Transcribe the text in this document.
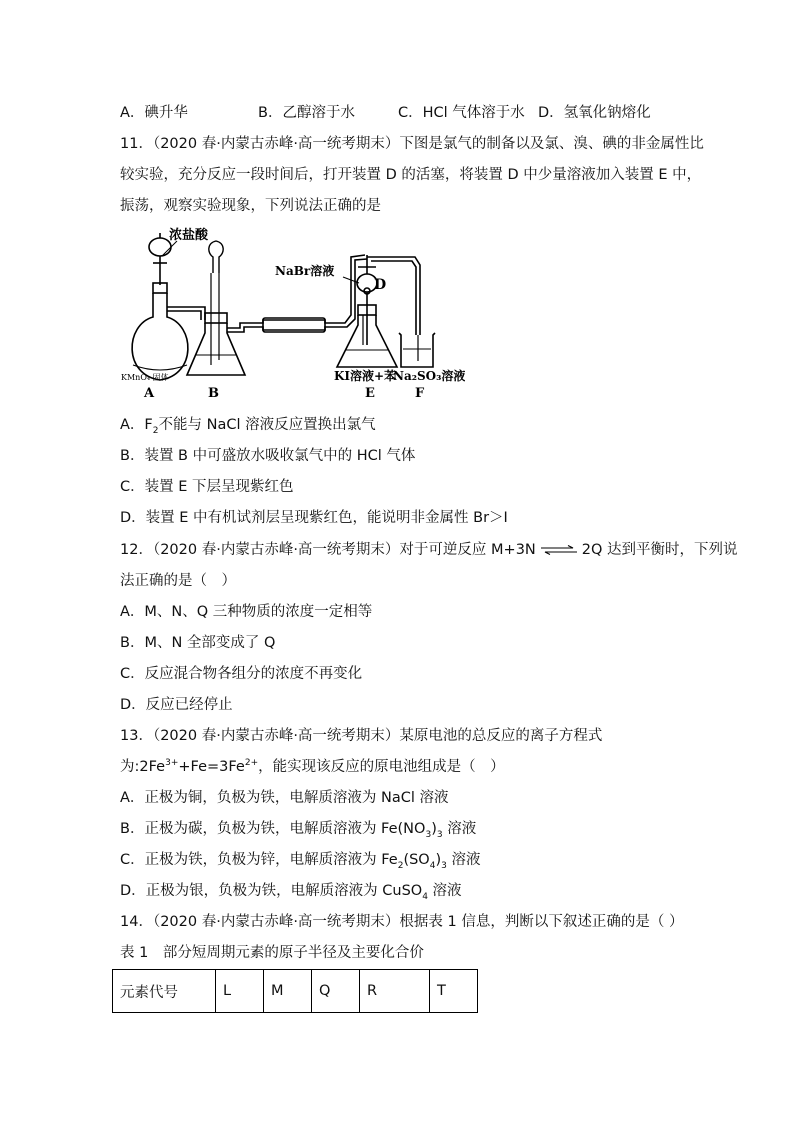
A．碘升华	B．乙醇溶于水	C．HCl 气体溶于水 D．氢氧化钠熔化
11．（2020 春·内蒙古赤峰·高一统考期末）下图是氯气的制备以及氯、溴、碘的非金属性比
较实验，充分反应一段时间后，打开装置 D 的活塞，将装置 D 中少量溶液加入装置 E 中，
振荡，观察实验现象，下列说法正确的是
浓盐酸
NaBr溶液
D
KMnO₄ 固体
A	B
KI溶液+苯
Na₂SO₃溶液
E	F
A．$F_2$不能与 NaCl 溶液反应置换出氯气
B．装置 B 中可盛放水吸收氯气中的 HCl 气体
C．装置 E 下层呈现紫红色
D．装置 E 中有机试剂层呈现紫红色，能说明非金属性 Br＞I
12．（2020 春·内蒙古赤峰·高一统考期末）对于可逆反应 M+3N ⇌ 2Q 达到平衡时，下列说
法正确的是（　）
A．M、N、Q 三种物质的浓度一定相等
B．M、N 全部变成了 Q
C．反应混合物各组分的浓度不再变化
D．反应已经停止
13．（2020 春·内蒙古赤峰·高一统考期末）某原电池的总反应的离子方程式
为$:2Fe^{3+}+Fe=3Fe^{2+}$，能实现该反应的原电池组成是（　）
A．正极为铜，负极为铁，电解质溶液为 NaCl 溶液
B．正极为碳，负极为铁，电解质溶液为 $Fe(NO_3)_3$ 溶液
C．正极为铁，负极为锌，电解质溶液为 $Fe_2(SO_4)_3$ 溶液
D．正极为银，负极为铁，电解质溶液为 CuSO$_4$ 溶液
14．（2020 春·内蒙古赤峰·高一统考期末）根据表 1 信息，判断以下叙述正确的是（ ）
表 1　部分短周期元素的原子半径及主要化合价
元素代号	L	M	Q	R	T
